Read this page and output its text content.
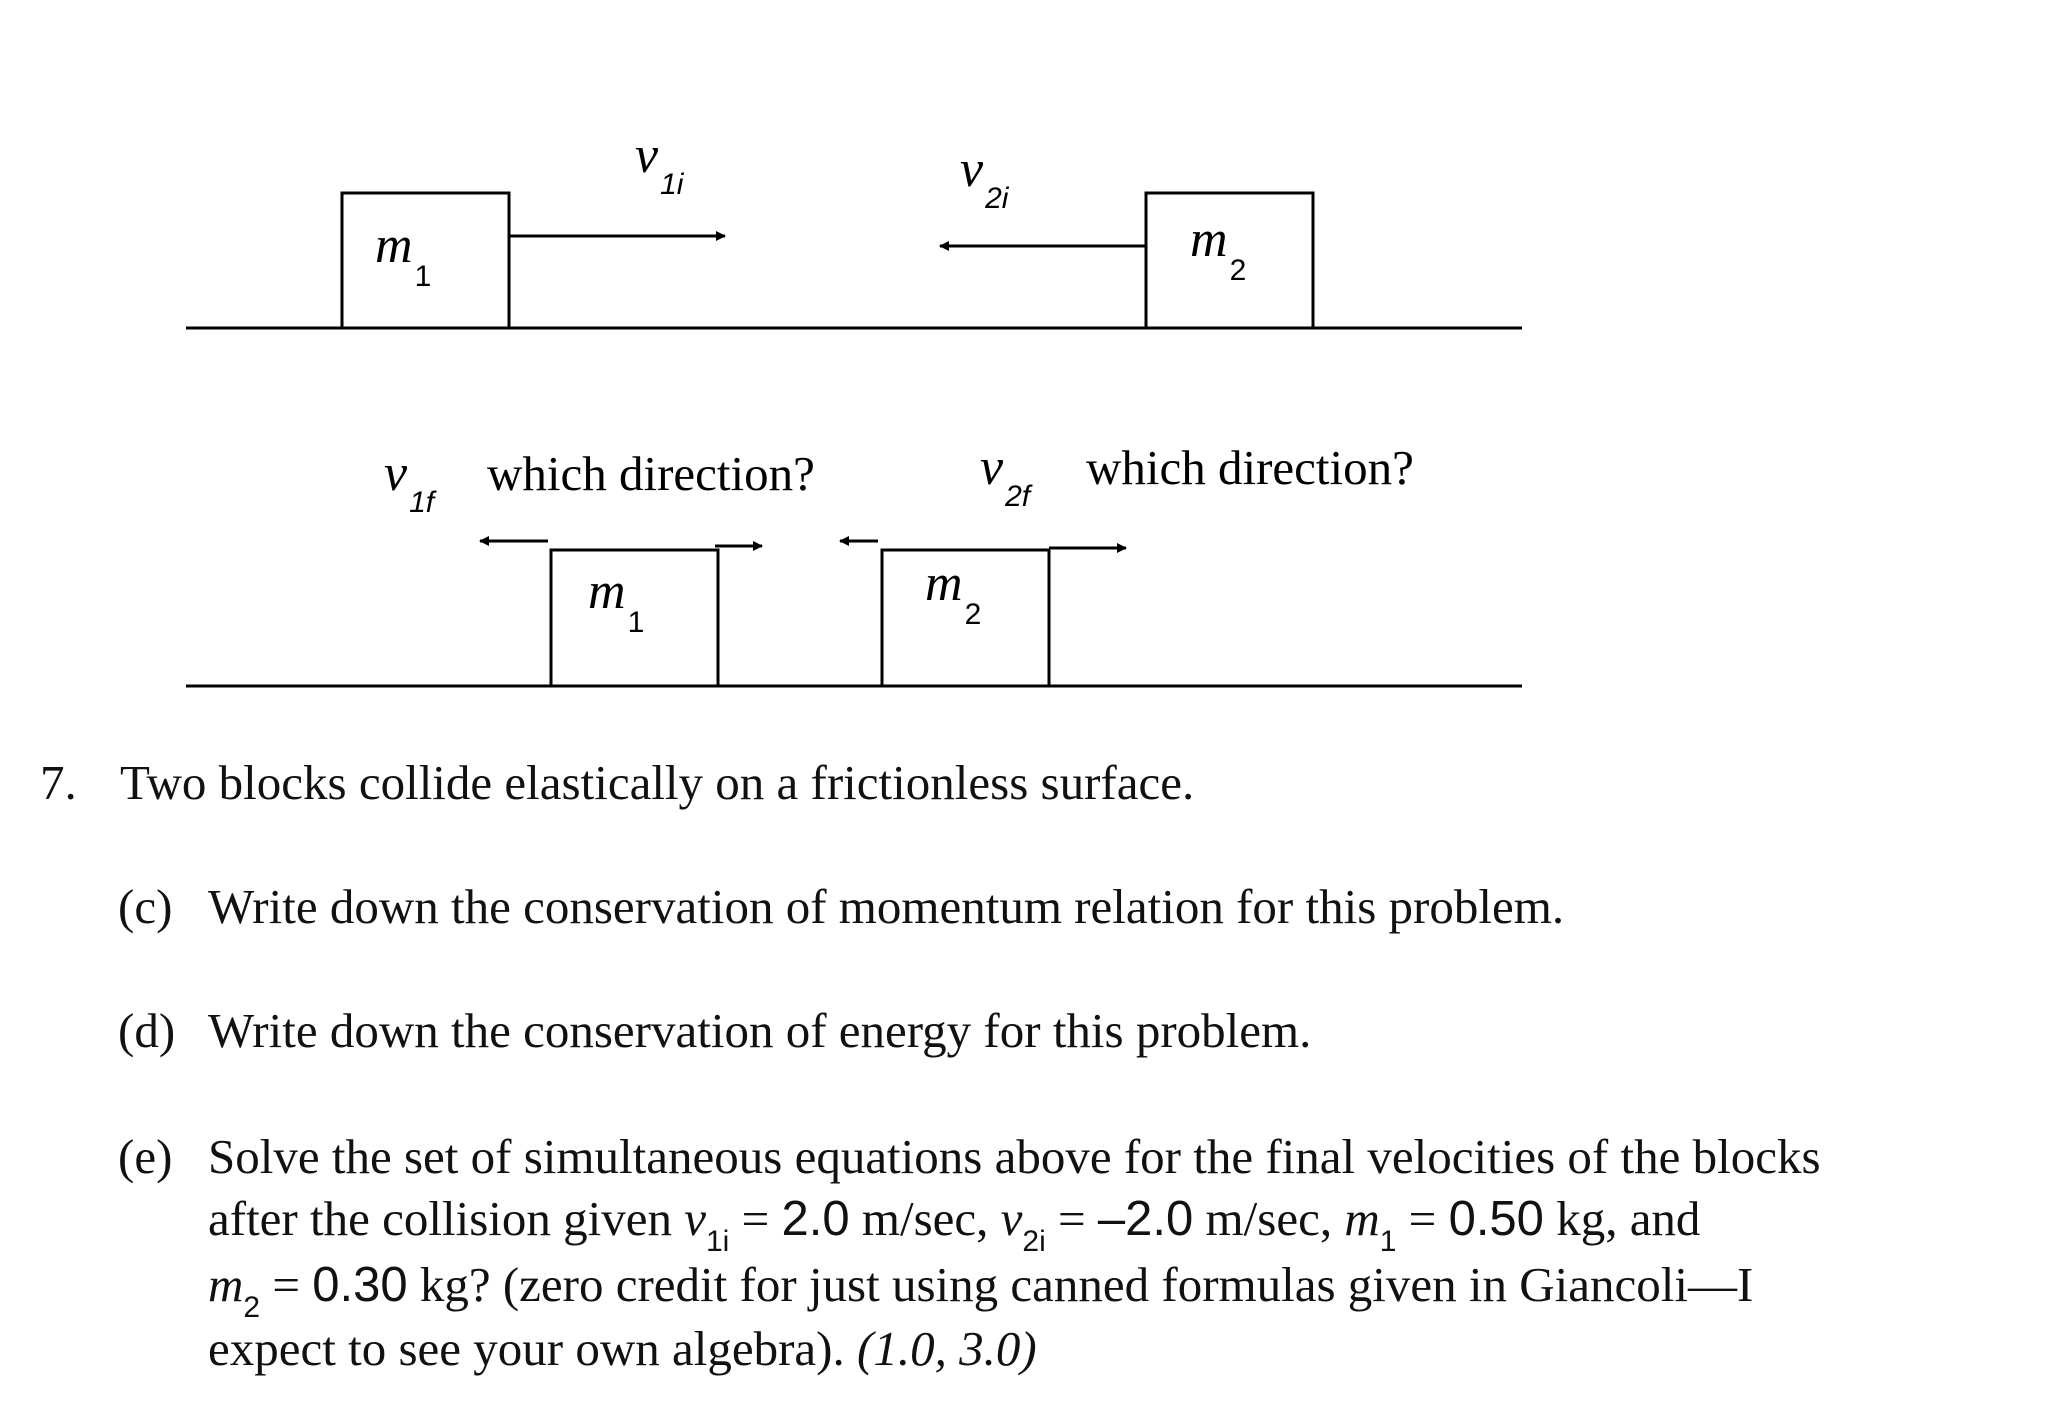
$m_1$
$m_2$
$v_{1i}$	$v_{2i}$
$m_1$
$m_2$
$v_{1f}$
$v_{2f}$
which direction?	which direction?
7. Two blocks collide elastically on a frictionless surface.
(c) Write down the conservation of momentum relation for this problem.
(d) Write down the conservation of energy for this problem.
(e) Solve the set of simultaneous equations above for the final velocities of the blocks
after the collision given $v_{1i} = 2.0$ m/sec, $v_{2i} = -2.0$ m/sec, $m_1 = 0.50$ kg, and
$m_2 = 0.30$ kg? (zero credit for just using canned formulas given in Giancoli—I
expect to see your own algebra). (1.0, 3.0)
